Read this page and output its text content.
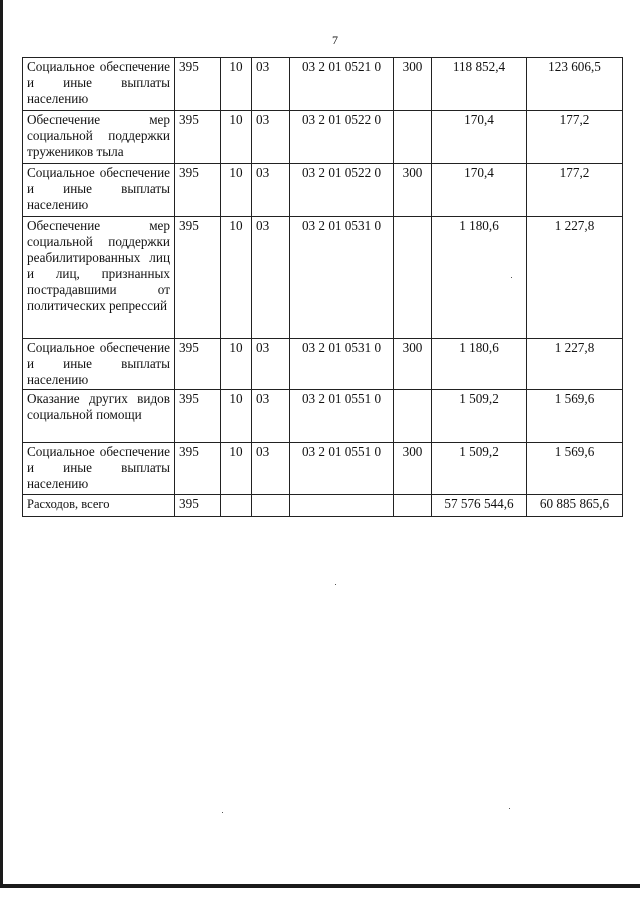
7
Социальное обеспечение и иные выплаты населению	395	10	03	03 2 01 0521 0	300	118 852,4	123 606,5
Обеспечение мер социальной поддержки тружеников тыла	395	10	03	03 2 01 0522 0		170,4	177,2
Социальное обеспечение и иные выплаты населению	395	10	03	03 2 01 0522 0	300	170,4	177,2
Обеспечение мер социальной поддержки реабилитированных лиц и лиц, признанных пострадавшими от политических репрессий	395	10	03	03 2 01 0531 0		1 180,6	1 227,8
Социальное обеспечение и иные выплаты населению	395	10	03	03 2 01 0531 0	300	1 180,6	1 227,8
Оказание других видов социальной помощи	395	10	03	03 2 01 0551 0		1 509,2	1 569,6
Социальное обеспечение и иные выплаты населению	395	10	03	03 2 01 0551 0	300	1 509,2	1 569,6
Расходов, всего	395					57 576 544,6	60 885 865,6
